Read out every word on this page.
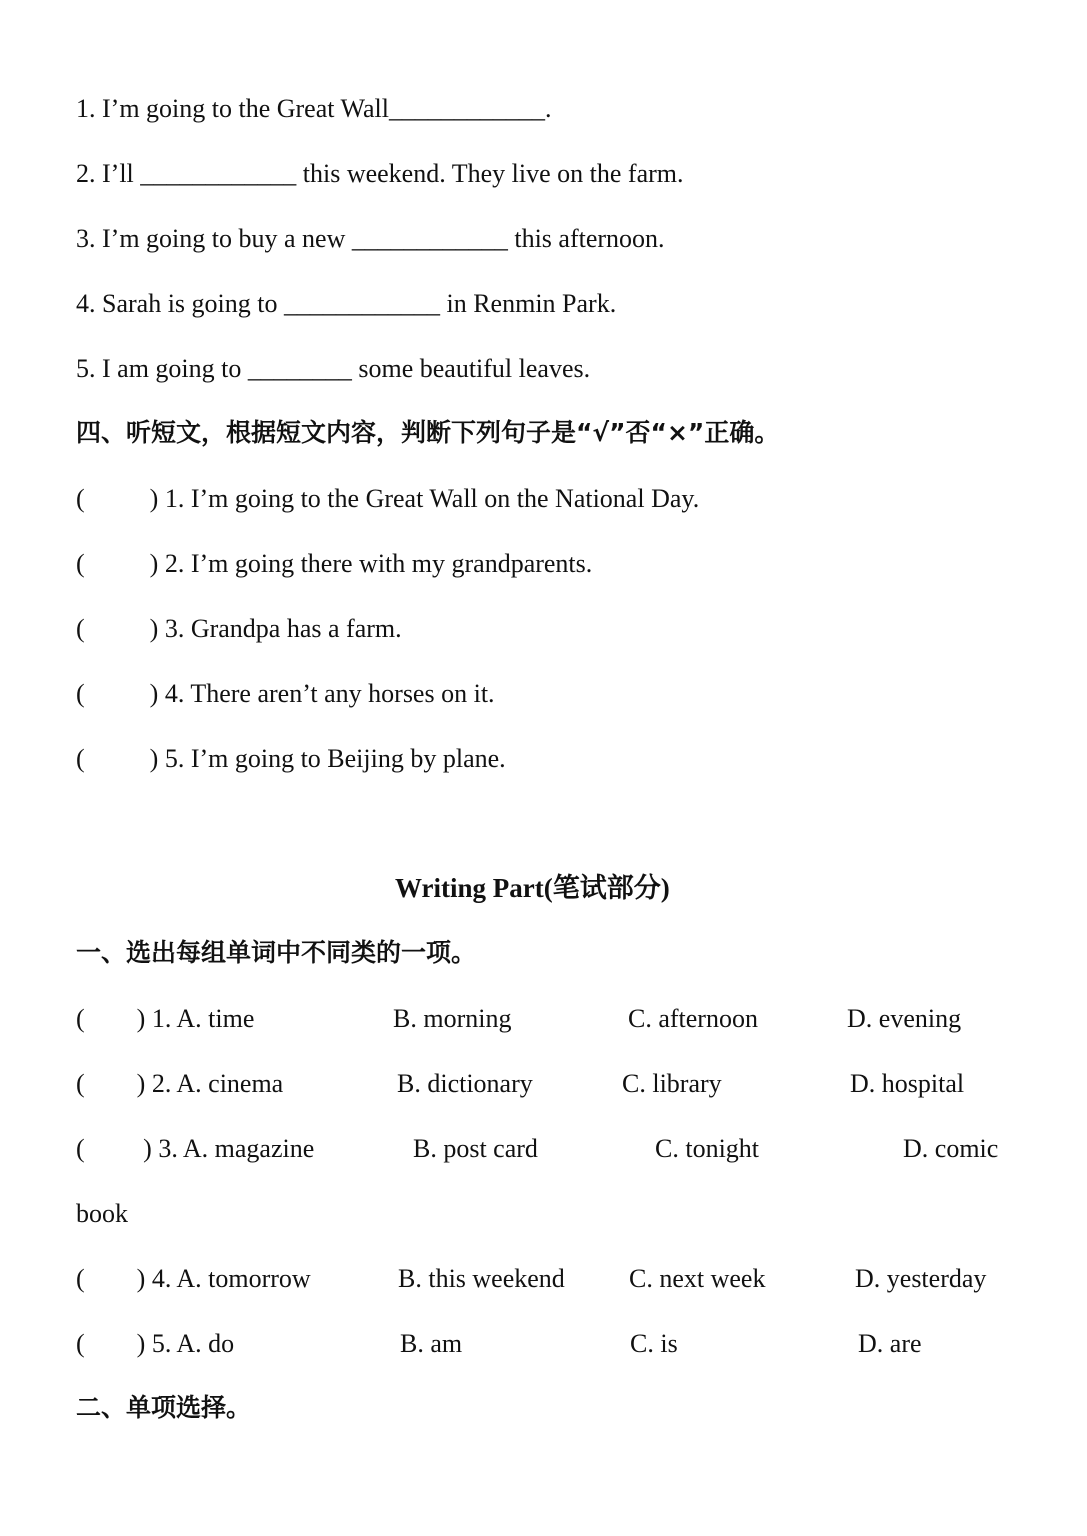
1. I’m going to the Great Wall____________.
2. I’ll ____________ this weekend. They live on the farm.
3. I’m going to buy a new ____________ this afternoon.
4. Sarah is going to ____________ in Renmin Park.
5. I am going to ________ some beautiful leaves.
四、听短文，根据短文内容，判断下列句子是“√”否“×”正确。
(          ) 1. I’m going to the Great Wall on the National Day.
(          ) 2. I’m going there with my grandparents.
(          ) 3. Grandpa has a farm.
(          ) 4. There aren’t any horses on it.
(          ) 5. I’m going to Beijing by plane.
Writing Part(笔试部分)
一、选出每组单词中不同类的一项。
(        ) 1. A. time	B. morning	C. afternoon	D. evening
(        ) 2. A. cinema	B. dictionary	C. library	D. hospital
(         ) 3. A. magazine	B. post card	C. tonight	D. comic
book
(        ) 4. A. tomorrow	B. this weekend C. next week	D. yesterday
(        ) 5. A. do	B. am	C. is	D. are
二、单项选择。
